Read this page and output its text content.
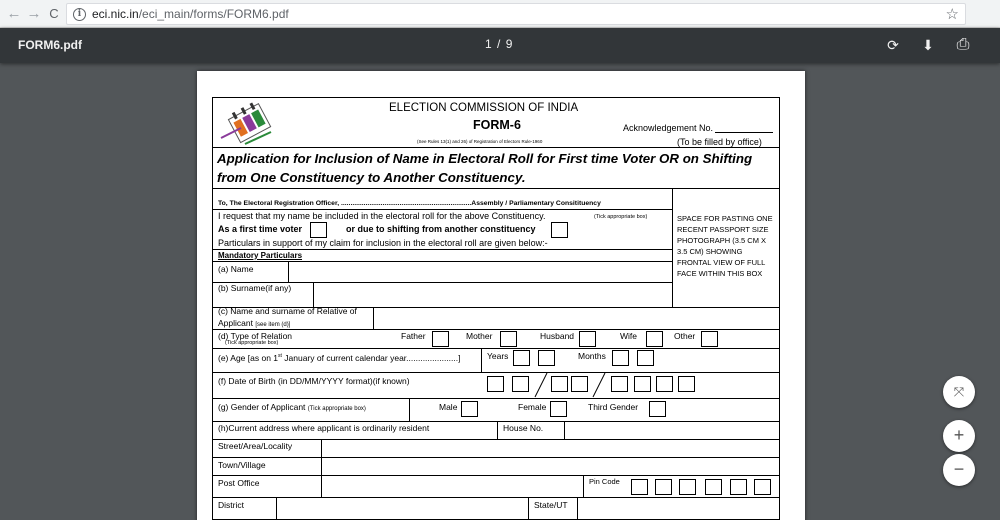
← → C	i eci.nic.in/eci_main/forms/FORM6.pdf	☆
FORM6.pdf	1 / 9	⟳ ⬇ ⎙
ELECTION COMMISSION OF INDIA
FORM-6
(See Rules 13(1) and 26) of Registration of Electors Rule-1960
Acknowledgement No.
(To be filled by office)
Application for Inclusion of Name in Electoral Roll for First time Voter OR on Shifting
from One Constituency to Another Constituency.
SPACE FOR PASTING ONE
RECENT PASSPORT SIZE
PHOTOGRAPH (3.5 CM X
3.5 CM) SHOWING
FRONTAL VIEW OF FULL
FACE WITHIN THIS BOX
To, The Electoral Registration Officer, .....................................................................Assembly / Parliamentary Consitituency
I request that my name be included in the electoral roll for the above Constituency.	(Tick appropriate box)
As a first time voter	or due to shifting from another constituency
Particulars in support of my claim for inclusion in the electoral roll are given below:-
Mandatory Particulars
(a) Name
(b) Surname(if any)
(c) Name and surname of Relative of
Applicant [see item (d)]
(d) Type of Relation
(Tick appropriate box)
Father	Mother	Husband	Wife	Other
(e) Age [as on 1st January of current calendar year......................]	Years	Months
(f) Date of Birth (in DD/MM/YYYY format)(if known)
(g) Gender of Applicant (Tick appropriate box)	Male	Female	Third Gender
(h)Current address where applicant is ordinarily resident	House No.
Street/Area/Locality
Town/Village
Post Office	Pin Code
District	State/UT
⤧
+
−
